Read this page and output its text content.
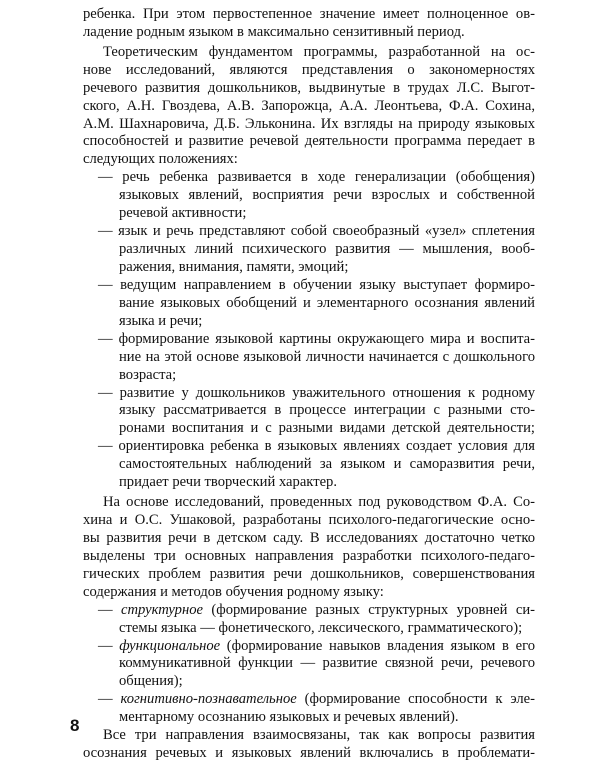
8
ребенка. При этом первостепенное значение имеет полноценное ов-
ладение родным языком в максимально сензитивный период.
Теоретическим фундаментом программы, разработанной на ос-
нове исследований, являются представления о закономерностях
речевого развития дошкольников, выдвинутые в трудах Л.С. Выгот-
ского, А.Н. Гвоздева, А.В. Запорожца, А.А. Леонтьева, Ф.А. Сохина,
А.М. Шахнаровича, Д.Б. Эльконина. Их взгляды на природу языковых
способностей и развитие речевой деятельности программа передает в
следующих положениях:
— речь ребенка развивается в ходе генерализации (обобщения)
языковых явлений, восприятия речи взрослых и собственной
речевой активности;
— язык и речь представляют собой своеобразный «узел» сплетения
различных линий психического развития — мышления, вооб-
ражения, внимания, памяти, эмоций;
— ведущим направлением в обучении языку выступает формиро-
вание языковых обобщений и элементарного осознания явлений
языка и речи;
— формирование языковой картины окружающего мира и воспита-
ние на этой основе языковой личности начинается с дошкольного
возраста;
— развитие у дошкольников уважительного отношения к родному
языку рассматривается в процессе интеграции с разными сто-
ронами воспитания и с разными видами детской деятельности;
— ориентировка ребенка в языковых явлениях создает условия для
самостоятельных наблюдений за языком и саморазвития речи,
придает речи творческий характер.
На основе исследований, проведенных под руководством Ф.А. Со-
хина и О.С. Ушаковой, разработаны психолого-педагогические осно-
вы развития речи в детском саду. В исследованиях достаточно четко
выделены три основных направления разработки психолого-педаго-
гических проблем развития речи дошкольников, совершенствования
содержания и методов обучения родному языку:
— структурное (формирование разных структурных уровней си-
стемы языка — фонетического, лексического, грамматического);
— функциональное (формирование навыков владения языком в его
коммуникативной функции — развитие связной речи, речевого
общения);
— когнитивно-познавательное (формирование способности к эле-
ментарному осознанию языковых и речевых явлений).
Все три направления взаимосвязаны, так как вопросы развития
осознания речевых и языковых явлений включались в проблемати-
